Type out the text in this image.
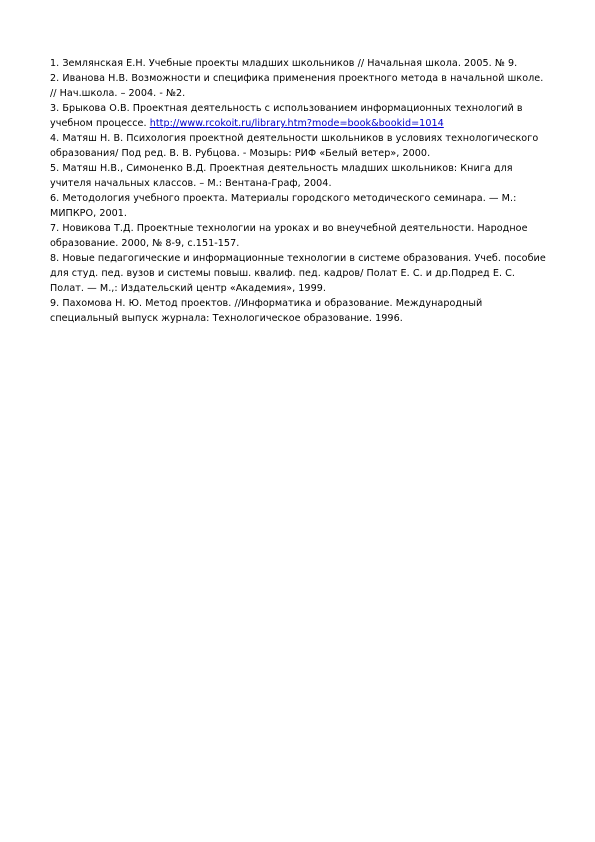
1. Землянская Е.Н. Учебные проекты младших школьников // Начальная школа. 2005. № 9.

2. Иванова Н.В. Возможности и специфика применения проектного метода в начальной школе. // Нач.школа. – 2004. - №2.

3. Брыкова О.В. Проектная деятельность с использованием информационных технологий в учебном процессе. http://www.rcokoit.ru/library.htm?mode=book&bookid=1014

4. Матяш Н. В. Психология проектной деятельности школьников в условиях технологического образования/ Под ред. В. В. Рубцова. - Мозырь: РИФ «Белый ветер», 2000.

5. Матяш Н.В., Симоненко В.Д. Проектная деятельность младших школьников: Книга для учителя начальных классов. – М.: Вентана-Граф, 2004.

6. Методология учебного проекта. Материалы городского методического семинара. — М.: МИПКРО, 2001.

7. Новикова Т.Д. Проектные технологии на уроках и во внеучебной деятельности. Народное образование. 2000, № 8-9, с.151-157.

8. Новые педагогические и информационные технологии в системе образования. Учеб. пособие для студ. пед. вузов и системы повыш. квалиф. пед. кадров/ Полат Е. С. и др.Подред Е. С. Полат. — М.,: Издательский центр «Академия», 1999.

9. Пахомова Н. Ю. Метод проектов. //Информатика и образование. Международный специальный выпуск журнала: Технологическое образование. 1996.
